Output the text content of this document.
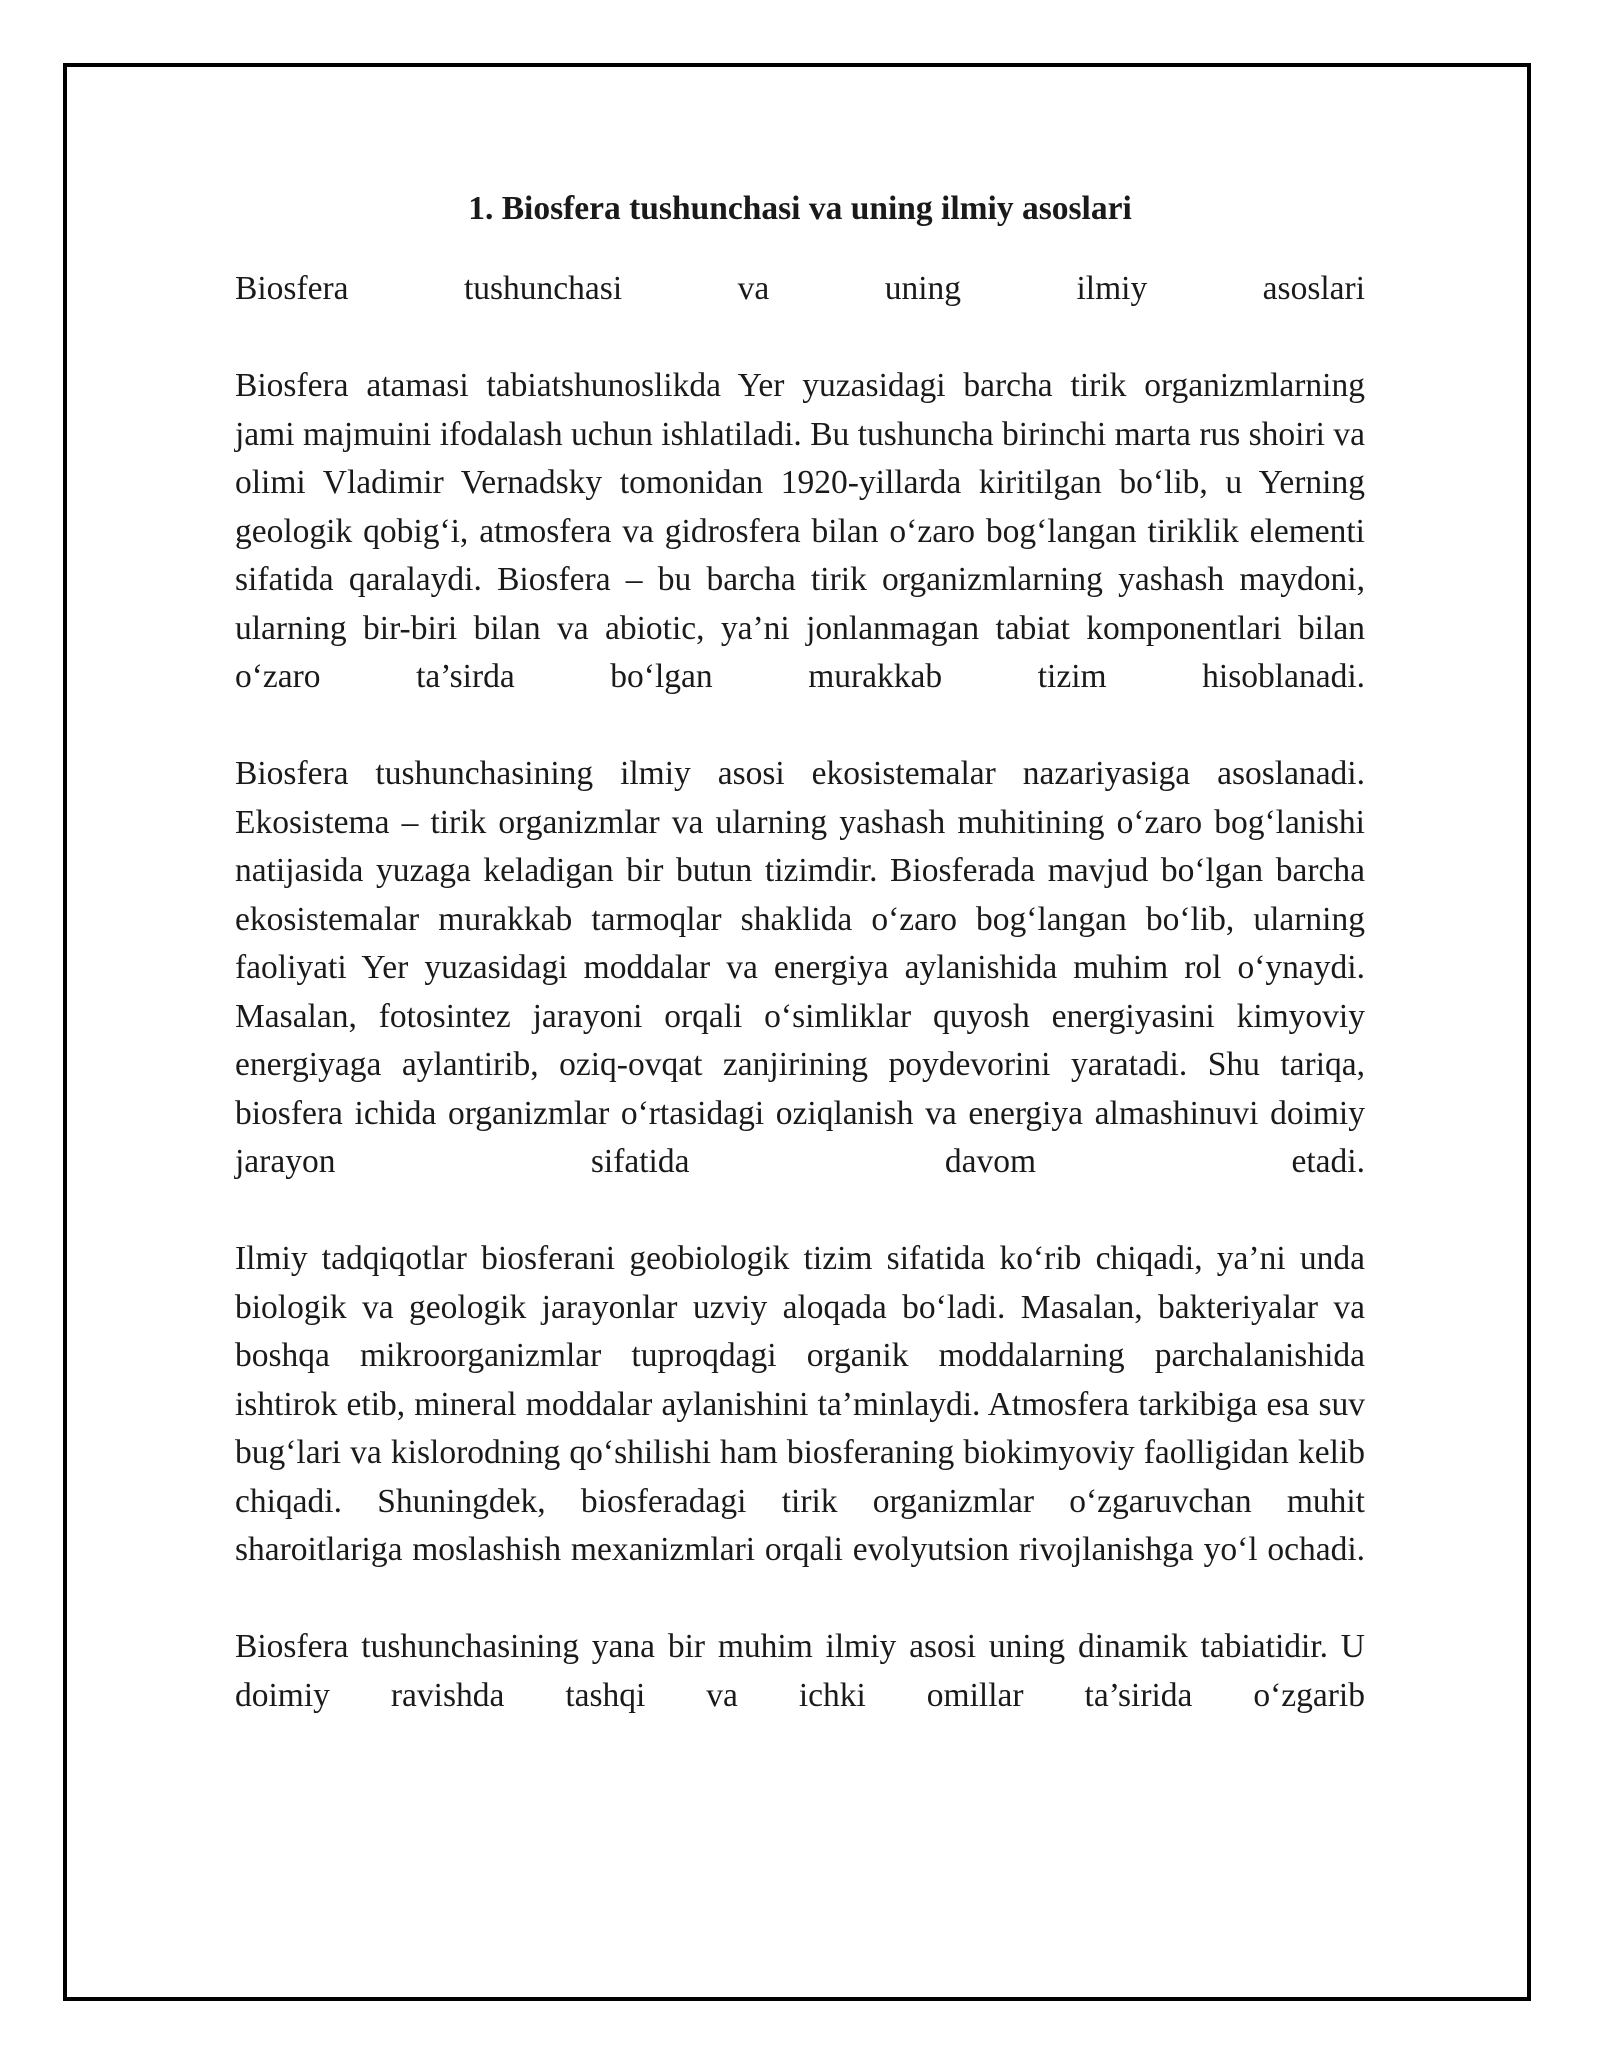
1. Biosfera tushunchasi va uning ilmiy asoslari

Biosfera tushunchasi va uning ilmiy asoslari

Biosfera atamasi tabiatshunoslikda Yer yuzasidagi barcha tirik organizmlarning jami majmuini ifodalash uchun ishlatiladi. Bu tushuncha birinchi marta rus shoiri va olimi Vladimir Vernadsky tomonidan 1920-yillarda kiritilgan bo‘lib, u Yerning geologik qobig‘i, atmosfera va gidrosfera bilan o‘zaro bog‘langan tiriklik elementi sifatida qaralaydi. Biosfera – bu barcha tirik organizmlarning yashash maydoni, ularning bir-biri bilan va abiotic, ya’ni jonlanmagan tabiat komponentlari bilan o‘zaro ta’sirda bo‘lgan murakkab tizim hisoblanadi.

Biosfera tushunchasining ilmiy asosi ekosistemalar nazariyasiga asoslanadi. Ekosistema – tirik organizmlar va ularning yashash muhitining o‘zaro bog‘lanishi natijasida yuzaga keladigan bir butun tizimdir. Biosferada mavjud bo‘lgan barcha ekosistemalar murakkab tarmoqlar shaklida o‘zaro bog‘langan bo‘lib, ularning faoliyati Yer yuzasidagi moddalar va energiya aylanishida muhim rol o‘ynaydi. Masalan, fotosintez jarayoni orqali o‘simliklar quyosh energiyasini kimyoviy energiyaga aylantirib, oziq-ovqat zanjirining poydevorini yaratadi. Shu tariqa, biosfera ichida organizmlar o‘rtasidagi oziqlanish va energiya almashinuvi doimiy jarayon sifatida davom etadi.

Ilmiy tadqiqotlar biosferani geobiologik tizim sifatida ko‘rib chiqadi, ya’ni unda biologik va geologik jarayonlar uzviy aloqada bo‘ladi. Masalan, bakteriyalar va boshqa mikroorganizmlar tuproqdagi organik moddalarning parchalanishida ishtirok etib, mineral moddalar aylanishini ta’minlaydi. Atmosfera tarkibiga esa suv bug‘lari va kislorodning qo‘shilishi ham biosferaning biokimyoviy faolligidan kelib chiqadi. Shuningdek, biosferadagi tirik organizmlar o‘zgaruvchan muhit sharoitlariga moslashish mexanizmlari orqali evolyutsion rivojlanishga yo‘l ochadi.

Biosfera tushunchasining yana bir muhim ilmiy asosi uning dinamik tabiatidir. U doimiy ravishda tashqi va ichki omillar ta’sirida o‘zgarib
